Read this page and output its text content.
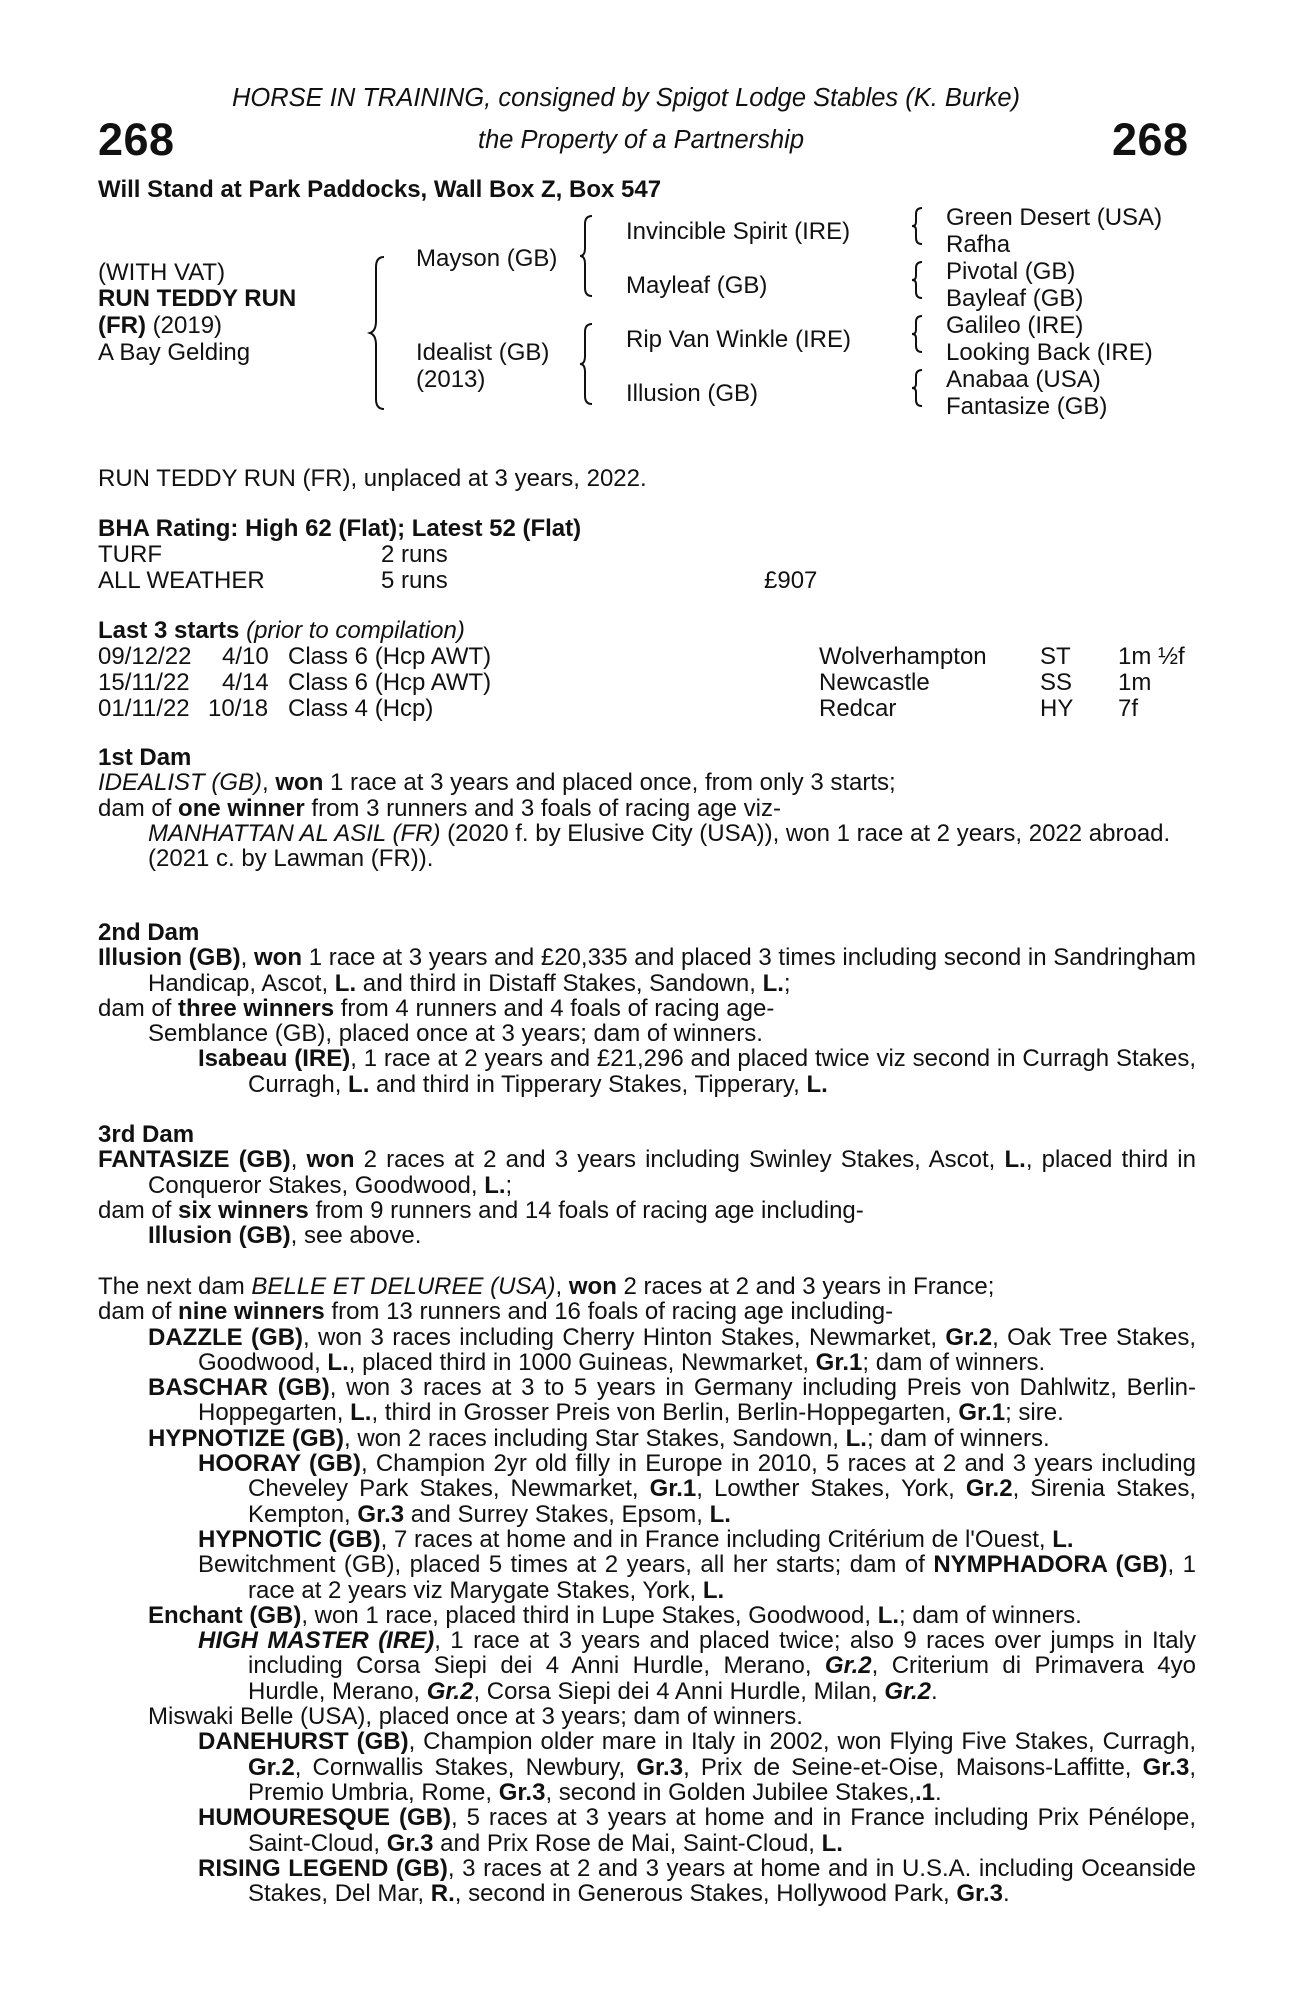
HORSE IN TRAINING, consigned by Spigot Lodge Stables (K. Burke)
the Property of a Partnership
268	268
Will Stand at Park Paddocks, Wall Box Z, Box 547
(WITH VAT)
RUN TEDDY RUN
(FR) (2019)
A Bay Gelding
Mayson (GB)
Idealist (GB)
(2013)
Invincible Spirit (IRE)
Mayleaf (GB)
Rip Van Winkle (IRE)
Illusion (GB)
Green Desert (USA)
Rafha
Pivotal (GB)
Bayleaf (GB)
Galileo (IRE)
Looking Back (IRE)
Anabaa (USA)
Fantasize (GB)
RUN TEDDY RUN (FR), unplaced at 3 years, 2022.
BHA Rating: High 62 (Flat); Latest 52 (Flat)
TURF	2 runs
ALL WEATHER	5 runs	£907
Last 3 starts (prior to compilation)
09/12/22 4/10 Class 6 (Hcp AWT)	Wolverhampton ST 1m ½f
15/11/22 4/14 Class 6 (Hcp AWT)	Newcastle	SS 1m
01/11/22 10/18 Class 4 (Hcp)	Redcar	HY 7f

1st Dam

IDEALIST (GB), won 1 race at 3 years and placed once, from only 3 starts;

dam of one winner from 3 runners and 3 foals of racing age viz-

MANHATTAN AL ASIL (FR) (2020 f. by Elusive City (USA)), won 1 race at 2 years, 2022 abroad.

(2021 c. by Lawman (FR)).

2nd Dam

Illusion (GB), won 1 race at 3 years and £20,335 and placed 3 times including second in Sandringham Handicap, Ascot, L. and third in Distaff Stakes, Sandown, L.;

dam of three winners from 4 runners and 4 foals of racing age-

Semblance (GB), placed once at 3 years; dam of winners.

Isabeau (IRE), 1 race at 2 years and £21,296 and placed twice viz second in Curragh Stakes, Curragh, L. and third in Tipperary Stakes, Tipperary, L.

3rd Dam

FANTASIZE (GB), won 2 races at 2 and 3 years including Swinley Stakes, Ascot, L., placed third in Conqueror Stakes, Goodwood, L.;

dam of six winners from 9 runners and 14 foals of racing age including-

Illusion (GB), see above.

The next dam BELLE ET DELUREE (USA), won 2 races at 2 and 3 years in France;

dam of nine winners from 13 runners and 16 foals of racing age including-

DAZZLE (GB), won 3 races including Cherry Hinton Stakes, Newmarket, Gr.2, Oak Tree Stakes, Goodwood, L., placed third in 1000 Guineas, Newmarket, Gr.1; dam of winners.

BASCHAR (GB), won 3 races at 3 to 5 years in Germany including Preis von Dahlwitz, Berlin-Hoppegarten, L., third in Grosser Preis von Berlin, Berlin-Hoppegarten, Gr.1; sire.

HYPNOTIZE (GB), won 2 races including Star Stakes, Sandown, L.; dam of winners.

HOORAY (GB), Champion 2yr old filly in Europe in 2010, 5 races at 2 and 3 years including Cheveley Park Stakes, Newmarket, Gr.1, Lowther Stakes, York, Gr.2, Sirenia Stakes, Kempton, Gr.3 and Surrey Stakes, Epsom, L.

HYPNOTIC (GB), 7 races at home and in France including Critérium de l'Ouest, L.

Bewitchment (GB), placed 5 times at 2 years, all her starts; dam of NYMPHADORA (GB), 1 race at 2 years viz Marygate Stakes, York, L.

Enchant (GB), won 1 race, placed third in Lupe Stakes, Goodwood, L.; dam of winners.

HIGH MASTER (IRE), 1 race at 3 years and placed twice; also 9 races over jumps in Italy including Corsa Siepi dei 4 Anni Hurdle, Merano, Gr.2, Criterium di Primavera 4yo Hurdle, Merano, Gr.2, Corsa Siepi dei 4 Anni Hurdle, Milan, Gr.2.

Miswaki Belle (USA), placed once at 3 years; dam of winners.

DANEHURST (GB), Champion older mare in Italy in 2002, won Flying Five Stakes, Curragh, Gr.2, Cornwallis Stakes, Newbury, Gr.3, Prix de Seine-et-Oise, Maisons-Laffitte, Gr.3, Premio Umbria, Rome, Gr.3, second in Golden Jubilee Stakes,.1.

HUMOURESQUE (GB), 5 races at 3 years at home and in France including Prix Pénélope, Saint-Cloud, Gr.3 and Prix Rose de Mai, Saint-Cloud, L.

RISING LEGEND (GB), 3 races at 2 and 3 years at home and in U.S.A. including Oceanside Stakes, Del Mar, R., second in Generous Stakes, Hollywood Park, Gr.3.
